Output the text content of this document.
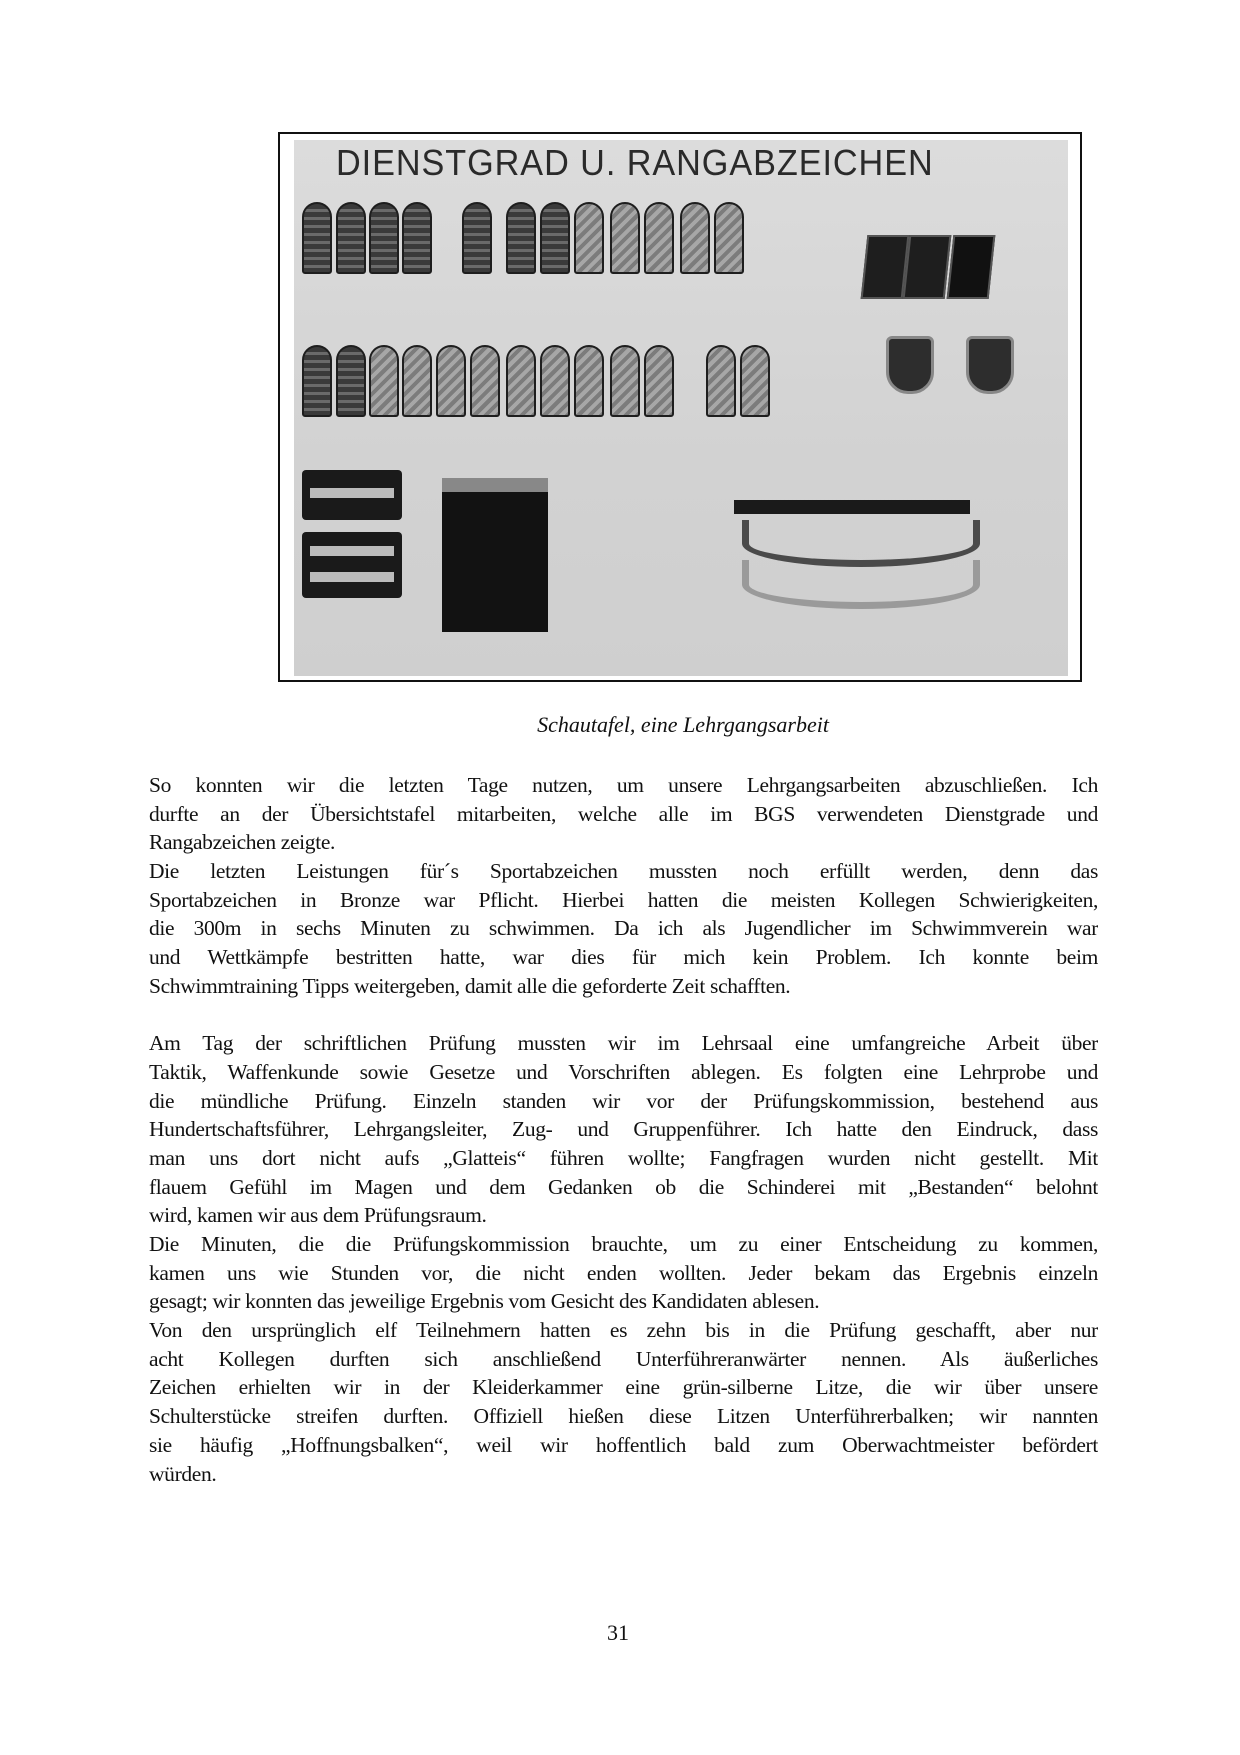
DIENSTGRAD U. RANGABZEICHEN
Schautafel, eine Lehrgangsarbeit
So konnten wir die letzten Tage nutzen, um unsere Lehrgangsarbeiten abzuschließen. Ich
durfte an der Übersichtstafel mitarbeiten, welche alle im BGS verwendeten Dienstgrade und
Rangabzeichen zeigte.
Die letzten Leistungen für´s Sportabzeichen mussten noch erfüllt werden, denn das
Sportabzeichen in Bronze war Pflicht. Hierbei hatten die meisten Kollegen Schwierigkeiten,
die 300m in sechs Minuten zu schwimmen. Da ich als Jugendlicher im Schwimmverein war
und Wettkämpfe bestritten hatte, war dies für mich kein Problem. Ich konnte beim
Schwimmtraining Tipps weitergeben, damit alle die geforderte Zeit schafften.
Am Tag der schriftlichen Prüfung mussten wir im Lehrsaal eine umfangreiche Arbeit über
Taktik, Waffenkunde sowie Gesetze und Vorschriften ablegen. Es folgten eine Lehrprobe und
die mündliche Prüfung. Einzeln standen wir vor der Prüfungskommission, bestehend aus
Hundertschaftsführer, Lehrgangsleiter, Zug- und Gruppenführer. Ich hatte den Eindruck, dass
man uns dort nicht aufs „Glatteis“ führen wollte; Fangfragen wurden nicht gestellt. Mit
flauem Gefühl im Magen und dem Gedanken ob die Schinderei mit „Bestanden“ belohnt
wird, kamen wir aus dem Prüfungsraum.
Die Minuten, die die Prüfungskommission brauchte, um zu einer Entscheidung zu kommen,
kamen uns wie Stunden vor, die nicht enden wollten. Jeder bekam das Ergebnis einzeln
gesagt; wir konnten das jeweilige Ergebnis vom Gesicht des Kandidaten ablesen.
Von den ursprünglich elf Teilnehmern hatten es zehn bis in die Prüfung geschafft, aber nur
acht Kollegen durften sich anschließend Unterführeranwärter nennen. Als äußerliches
Zeichen erhielten wir in der Kleiderkammer eine grün-silberne Litze, die wir über unsere
Schulterstücke streifen durften. Offiziell hießen diese Litzen Unterführerbalken; wir nannten
sie häufig „Hoffnungsbalken“, weil wir hoffentlich bald zum Oberwachtmeister befördert
würden.
31
